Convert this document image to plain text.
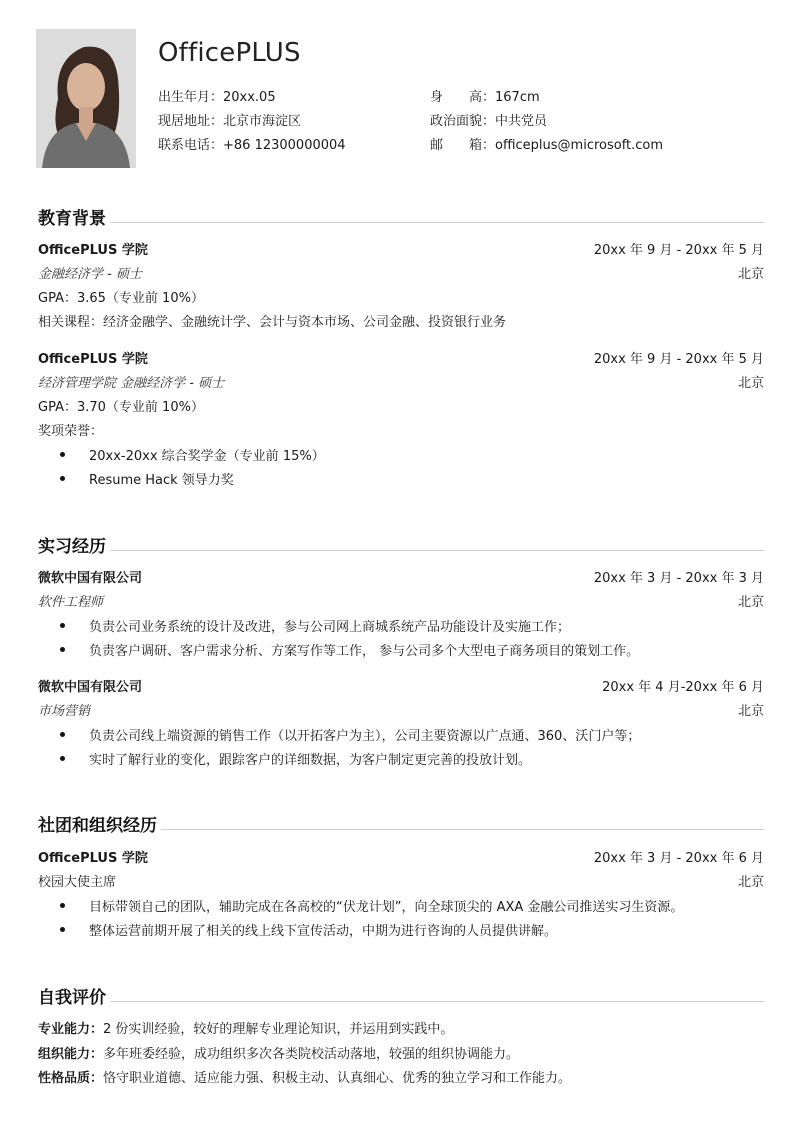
OfficePLUS
出生年月：20xx.05	身　　高：167cm
现居地址：北京市海淀区	政治面貌：中共党员
联系电话：+86 12300000004	邮　　箱：officeplus@microsoft.com
教育背景
OfficePLUS 学院	20xx 年 9 月 - 20xx 年 5 月
金融经济学 - 硕士	北京
GPA：3.65（专业前 10%）
相关课程：经济金融学、金融统计学、会计与资本市场、公司金融、投资银行业务
OfficePLUS 学院	20xx 年 9 月 - 20xx 年 5 月
经济管理学院 金融经济学 - 硕士	北京
GPA：3.70（专业前 10%）
奖项荣誉：
20xx-20xx 综合奖学金（专业前 15%）
Resume Hack 领导力奖
实习经历
微软中国有限公司	20xx 年 3 月 - 20xx 年 3 月
软件工程师	北京
负责公司业务系统的设计及改进，参与公司网上商城系统产品功能设计及实施工作；
负责客户调研、客户需求分析、方案写作等工作， 参与公司多个大型电子商务项目的策划工作。
微软中国有限公司	20xx 年 4 月-20xx 年 6 月
市场营销	北京
负责公司线上端资源的销售工作（以开拓客户为主），公司主要资源以广点通、360、沃门户等；
实时了解行业的变化，跟踪客户的详细数据，为客户制定更完善的投放计划。
社团和组织经历
OfficePLUS 学院	20xx 年 3 月 - 20xx 年 6 月
校园大使主席	北京
目标带领自己的团队，辅助完成在各高校的“伏龙计划”，向全球顶尖的 AXA 金融公司推送实习生资源。
整体运营前期开展了相关的线上线下宣传活动，中期为进行咨询的人员提供讲解。
自我评价
专业能力：2 份实训经验，较好的理解专业理论知识，并运用到实践中。
组织能力：多年班委经验，成功组织多次各类院校活动落地，较强的组织协调能力。
性格品质：恪守职业道德、适应能力强、积极主动、认真细心、优秀的独立学习和工作能力。
